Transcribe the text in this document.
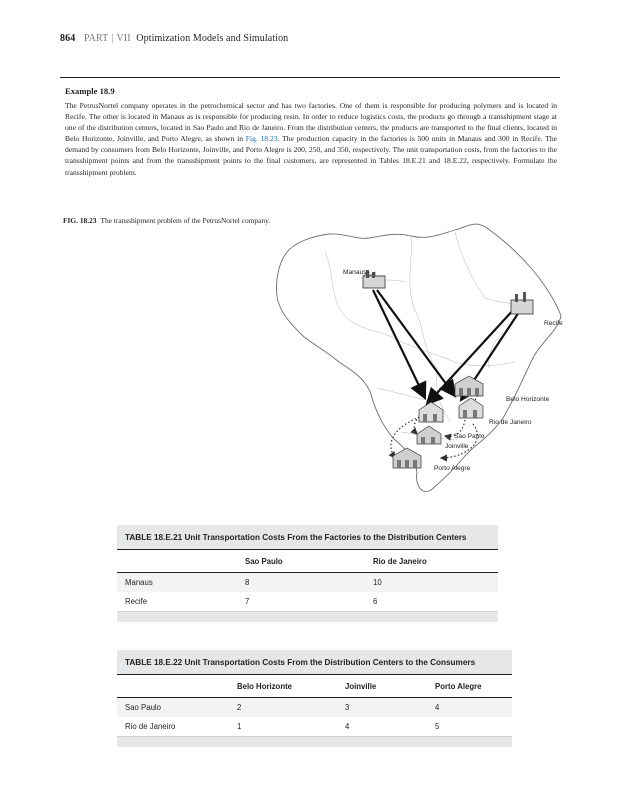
864 PART | VII Optimization Models and Simulation
Example 18.9
The PetrusNortel company operates in the petrochemical sector and has two factories. One of them is responsible for producing polymers and is located in Recife. The other is located in Manaus as is responsible for producing resin. In order to reduce logistics costs, the products go through a transshipment stage at one of the distribution centers, located in Sao Paulo and Rio de Janeiro. From the distribution centers, the products are transported to the final clients, located in Belo Horizonte, Joinville, and Porto Alegre, as shown in Fig. 18.23. The production capacity in the factories is 500 units in Manaus and 300 in Recife. The demand by consumers from Belo Horizonte, Joinville, and Porto Alegre is 200, 250, and 350, respectively. The unit transportation costs, from the factories to the transshipment points and from the transshipment points to the final customers, are represented in Tables 18.E.21 and 18.E.22, respectively. Formulate the transshipment problem.
FIG. 18.23 The transshipment problem of the PetrusNortel company.
Manaus
Recife
Belo Horizonte
Rio de Janeiro
Sao Paulo
Joinville
Porto Alegre
TABLE 18.E.21 Unit Transportation Costs From the Factories to the Distribution Centers
Sao Paulo	Rio de Janeiro
Manaus	8	10
Recife	7	6
TABLE 18.E.22 Unit Transportation Costs From the Distribution Centers to the Consumers
Belo Horizonte	Joinville	Porto Alegre
Sao Paulo	2	3	4
Rio de Janeiro	1	4	5
